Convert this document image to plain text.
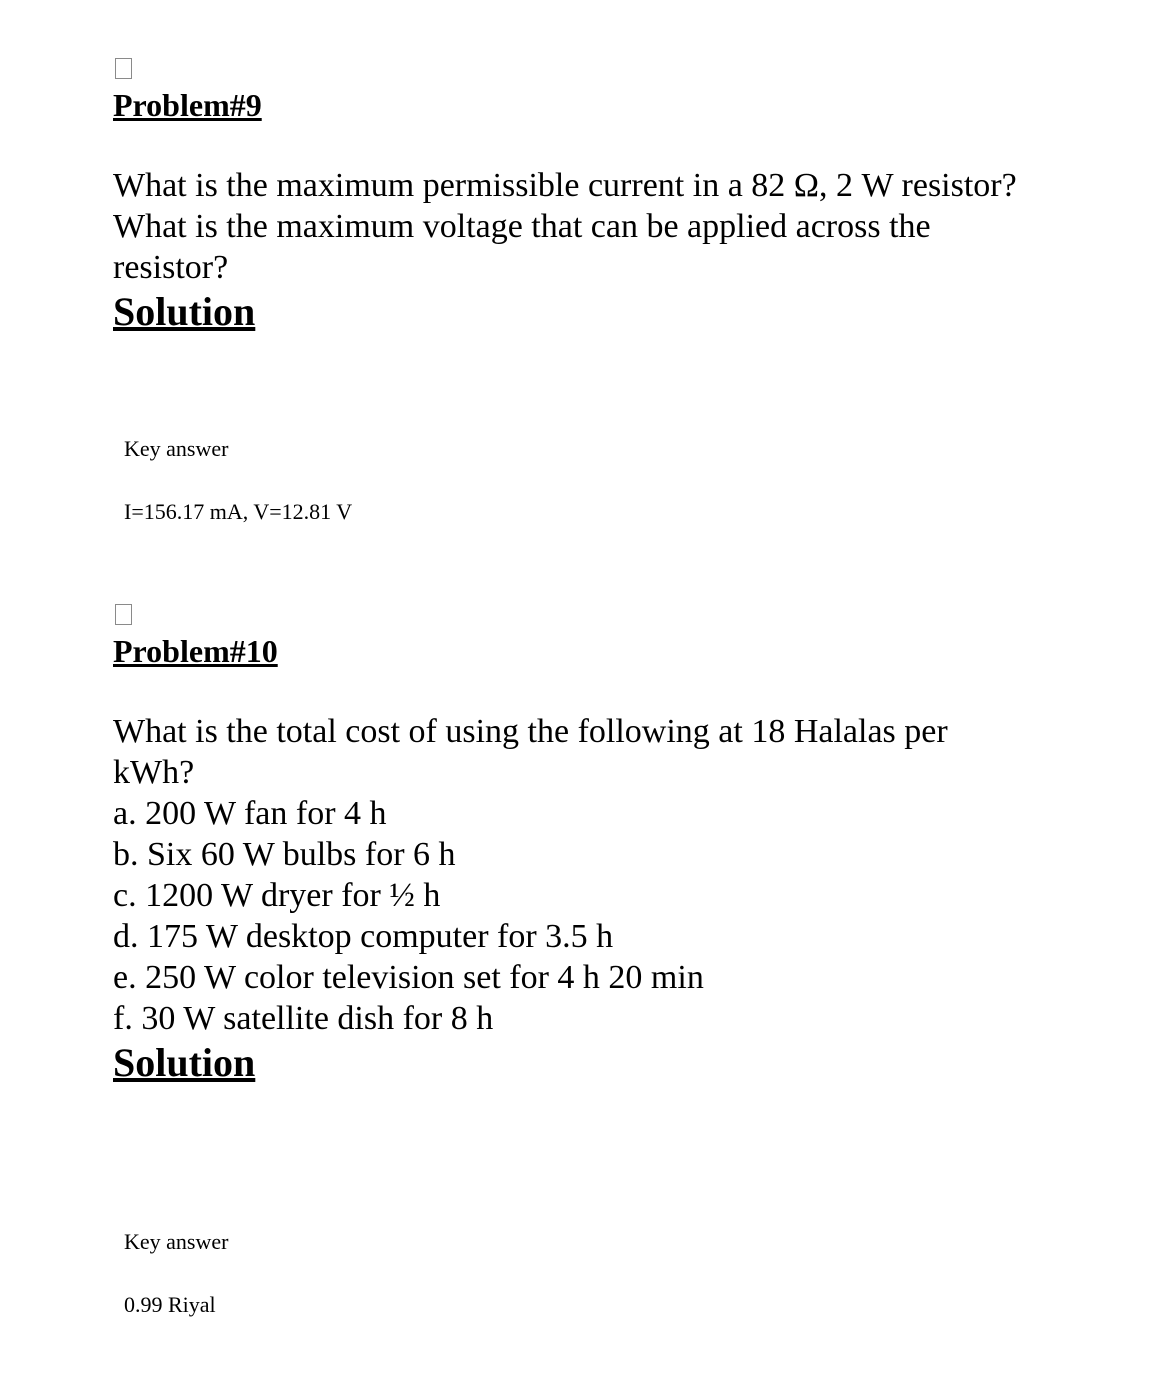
Problem#9

What is the maximum permissible current in a 82 Ω, 2 W resistor?
What is the maximum voltage that can be applied across the
resistor?

Solution

Key answer

I=156.17 mA, V=12.81 V

Problem#10

What is the total cost of using the following at 18 Halalas per
kWh?
a. 200 W fan for 4 h
b. Six 60 W bulbs for 6 h
c. 1200 W dryer for ½ h
d. 175 W desktop computer for 3.5 h
e. 250 W color television set for 4 h 20 min
f. 30 W satellite dish for 8 h

Solution

Key answer

0.99 Riyal
